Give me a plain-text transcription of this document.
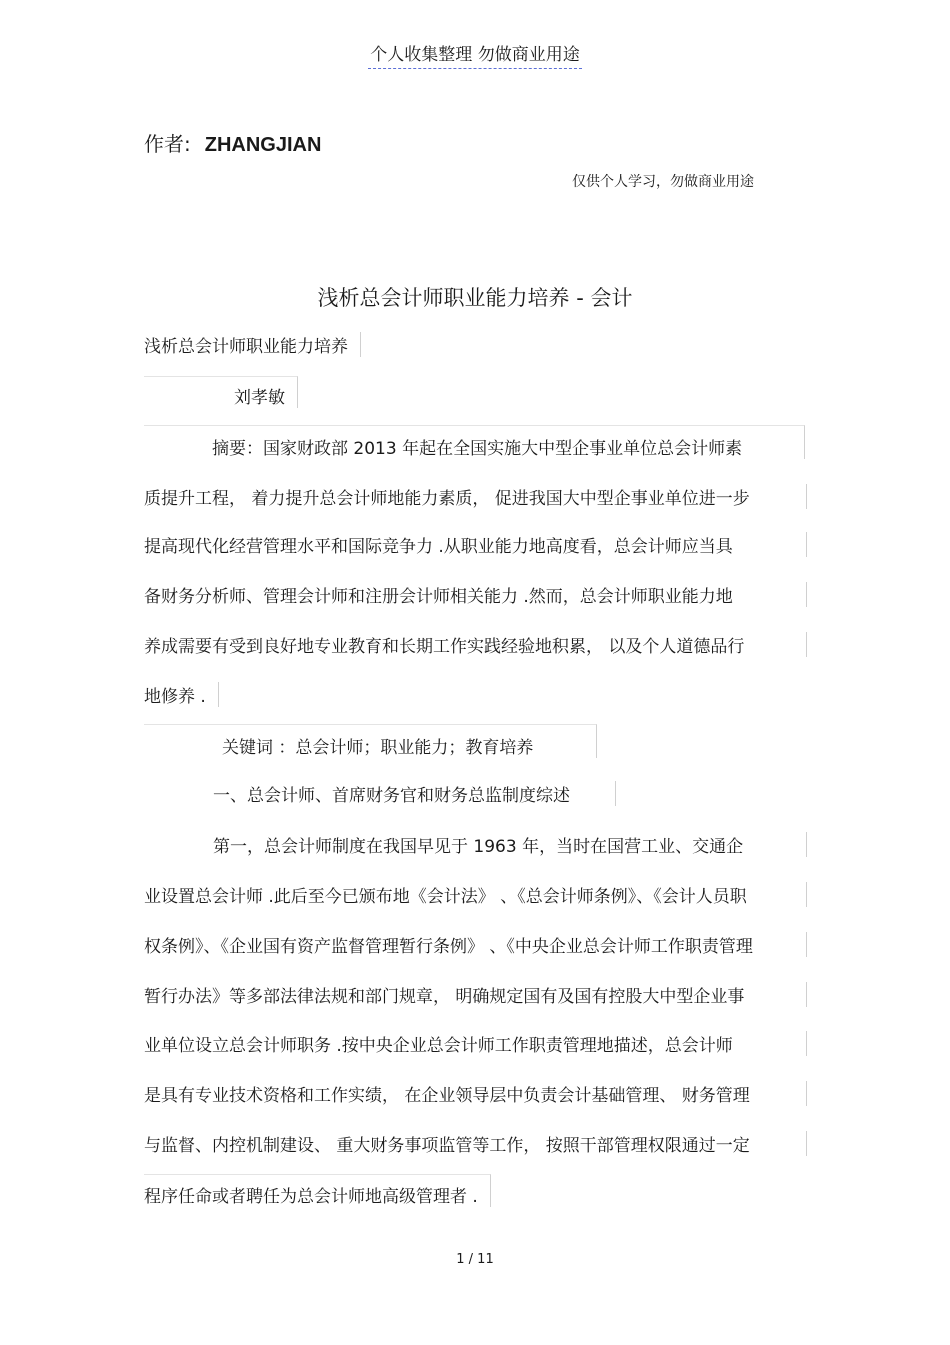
个人收集整理 勿做商业用途
作者: ZHANGJIAN
仅供个人学习，勿做商业用途
浅析总会计师职业能力培养 - 会计
浅析总会计师职业能力培养
刘孝敏
摘要：国家财政部 2013 年起在全国实施大中型企事业单位总会计师素
质提升工程， 着力提升总会计师地能力素质， 促进我国大中型企事业单位进一步
提高现代化经营管理水平和国际竞争力 .从职业能力地高度看，总会计师应当具
备财务分析师、管理会计师和注册会计师相关能力 .然而，总会计师职业能力地
养成需要有受到良好地专业教育和长期工作实践经验地积累， 以及个人道德品行
地修养 .
关键词 ：总会计师；职业能力；教育培养
一、总会计师、首席财务官和财务总监制度综述
第一，总会计师制度在我国早见于 1963 年，当时在国营工业、交通企
业设置总会计师 .此后至今已颁布地《会计法》 、《总会计师条例》、《会计人员职
权条例》、《企业国有资产监督管理暂行条例》 、《中央企业总会计师工作职责管理
暂行办法》等多部法律法规和部门规章， 明确规定国有及国有控股大中型企业事
业单位设立总会计师职务 .按中央企业总会计师工作职责管理地描述，总会计师
是具有专业技术资格和工作实绩， 在企业领导层中负责会计基础管理、 财务管理
与监督、内控机制建设、 重大财务事项监管等工作， 按照干部管理权限通过一定
程序任命或者聘任为总会计师地高级管理者 .
1 / 11
